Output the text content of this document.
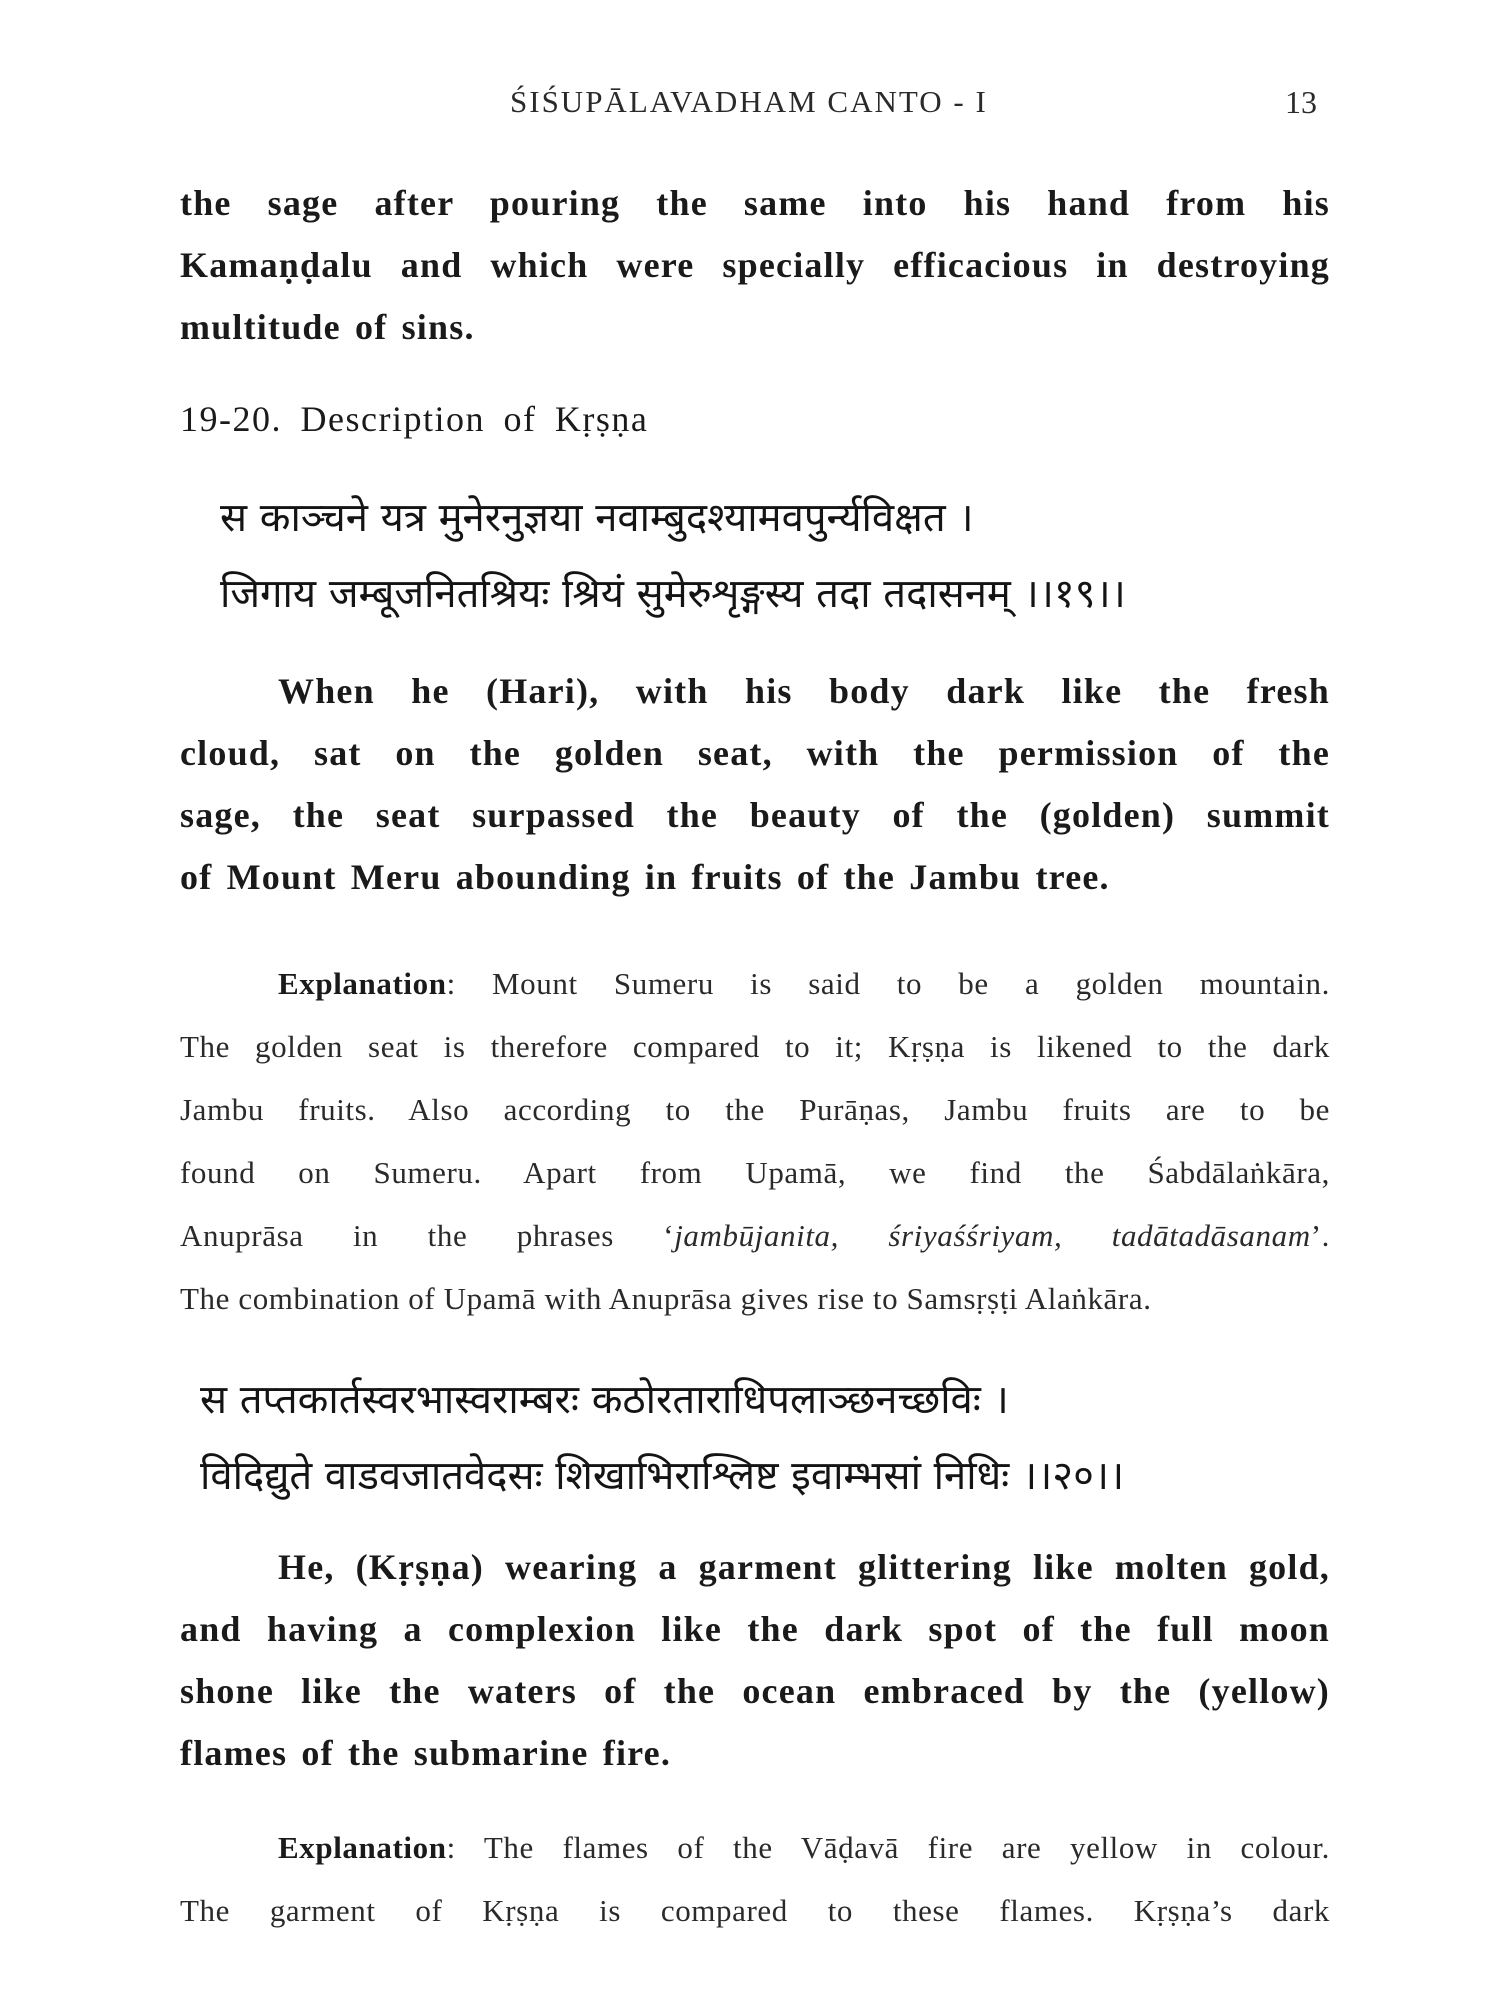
ŚIŚUPĀLAVADHAM CANTO - I	13
the sage after pouring the same into his hand from his
Kamaṇḍalu and which were specially efficacious in destroying
multitude of sins.
19-20. Description of Kṛṣṇa
स काञ्चने यत्र मुनेरनुज्ञया नवाम्बुदश्यामवपुर्न्यविक्षत ।
जिगाय जम्बूजनितश्रियः श्रियं सुमेरुशृङ्गस्य तदा तदासनम् ।।१९।।
When he (Hari), with his body dark like the fresh
cloud, sat on the golden seat, with the permission of the
sage, the seat surpassed the beauty of the (golden) summit
of Mount Meru abounding in fruits of the Jambu tree.
Explanation: Mount Sumeru is said to be a golden mountain.
The golden seat is therefore compared to it; Kṛṣṇa is likened to the dark
Jambu fruits. Also according to the Purāṇas, Jambu fruits are to be
found on Sumeru. Apart from Upamā, we find the Śabdālaṅkāra,
Anuprāsa in the phrases ‘jambūjanita, śriyaśśriyam, tadātadāsanam’.
The combination of Upamā with Anuprāsa gives rise to Samsṛṣṭi Alaṅkāra.
स तप्तकार्तस्वरभास्वराम्बरः कठोरताराधिपलाञ्छनच्छविः ।
विदिद्युते वाडवजातवेदसः शिखाभिराश्लिष्ट इवाम्भसां निधिः ।।२०।।
He, (Kṛṣṇa) wearing a garment glittering like molten gold,
and having a complexion like the dark spot of the full moon
shone like the waters of the ocean embraced by the (yellow)
flames of the submarine fire.
Explanation: The flames of the Vāḍavā fire are yellow in colour.
The garment of Kṛṣṇa is compared to these flames. Kṛṣṇa’s dark
